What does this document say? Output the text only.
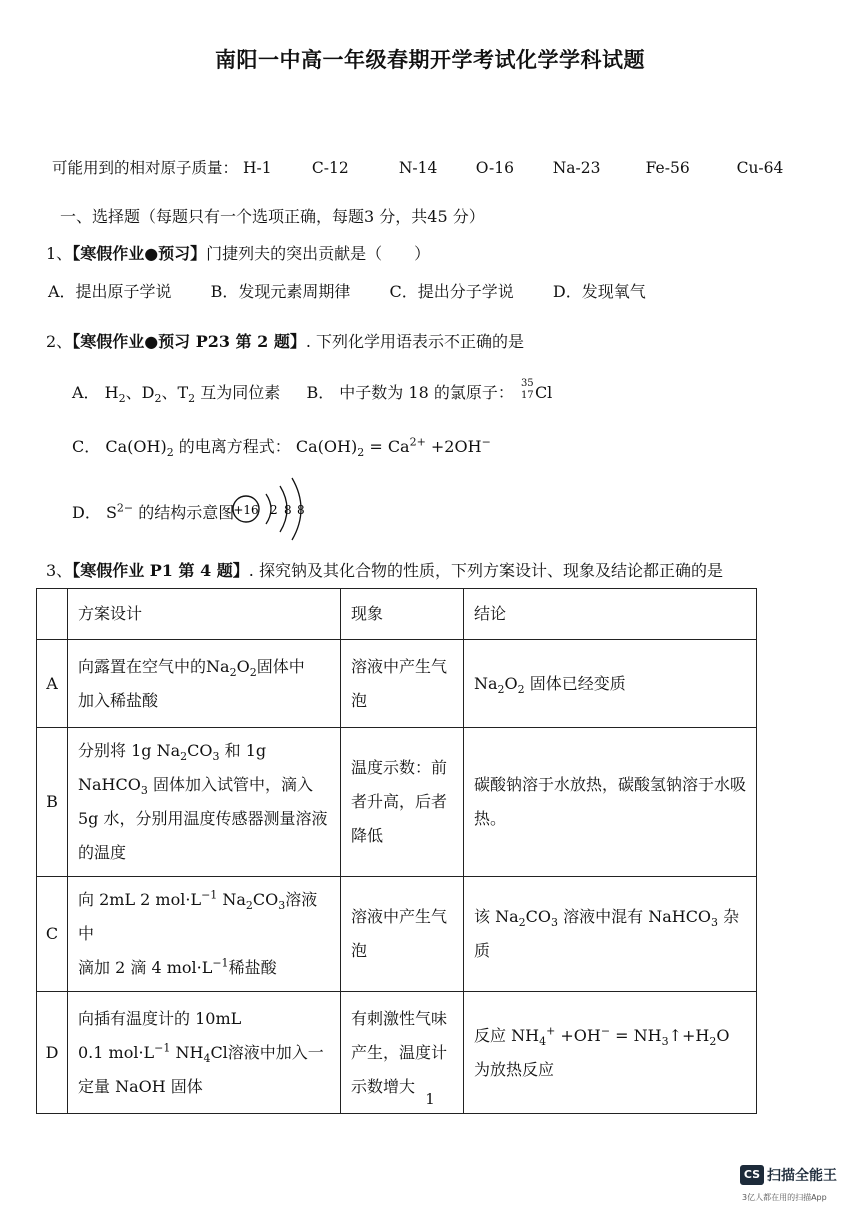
南阳一中高一年级春期开学考试化学学科试题
可能用到的相对原子质量： H-1	C-12	N-14 O-16 Na-23	Fe-56	Cu-64
一、选择题（每题只有一个选项正确，每题3 分，共45 分）
1、【寒假作业●预习】门捷列夫的突出贡献是（　　）
A．提出原子学说 B．发现元素周期律 C．提出分子学说 D．发现氧气
2、【寒假作业●预习 P23 第 2 题】. 下列化学用语表示不正确的是
A． $H_2$、$D_2$、$T_2$ 互为同位素 B． 中子数为 18 的氯原子： 35
17 Cl
C． $Ca(OH)_2$ 的电离方程式： $Ca(OH)_2 = Ca^{2+} +2OH^-$
D． $S^{2-}$ 的结构示意图 +16 2 8 8
3、【寒假作业 P1 第 4 题】. 探究钠及其化合物的性质，下列方案设计、现象及结论都正确的是
	方案设计	现象	结论
A	向露置在空气中的$Na_2O_2$固体中
加入稀盐酸	溶液中产生气泡	$Na_2O_2$ 固体已经变质
B	分别将 1g $Na_2CO_3$ 和 1g NaHCO$_3$ 固体加入试管中，滴入 5g 水，分别用温度传感器测量溶液的温度	温度示数：前者升高，后者降低	碳酸钠溶于水放热，碳酸氢钠溶于水吸热。
C	向 2mL 2 $mol\cdot L^{-1}$ $Na_2CO_3$溶液中
滴加 2 滴 4 $mol\cdot L^{-1}$稀盐酸	溶液中产生气泡	该 $Na_2CO_3$ 溶液中混有 NaHCO$_3$ 杂质
D	向插有温度计的 10mL
0.1 $mol\cdot L^{-1}$ $NH_4Cl$溶液中加入一
定量 NaOH 固体	有刺激性气味产生，温度计示数增大	反应 $NH_4^+ +OH^-$ = $NH_3↑+H_2O$ 为放热反应
1
CS 扫描全能王
3亿人都在用的扫描App
